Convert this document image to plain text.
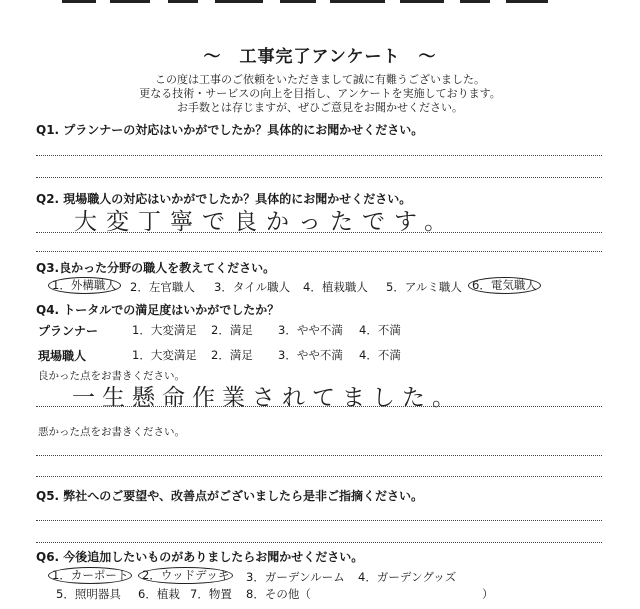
～　工事完了アンケート　～
この度は工事のご依頼をいただきまして誠に有難うございました。
更なる技術・サービスの向上を目指し、アンケートを実施しております。
お手数とは存じますが、ぜひご意見をお聞かせください。
Q1. プランナーの対応はいかがでしたか？具体的にお聞かせください。
Q2. 現場職人の対応はいかがでしたか？具体的にお聞かせください。
大変丁寧で良かったです。
Q3.良かった分野の職人を教えてください。
1．外構職人	2．左官職人 3．タイル職人 4．植栽職人 5．アルミ職人 6．電気職人
Q4. トータルでの満足度はいかがでしたか？
プランナー	1．大変満足 2．満足 3．やや不満 4．不満
現場職人	1．大変満足 2．満足 3．やや不満 4．不満
良かった点をお書きください。
一生懸命作業されてました。
悪かった点をお書きください。
Q5. 弊社へのご要望や、改善点がございましたら是非ご指摘ください。
Q6. 今後追加したいものがありましたらお聞かせください。
1．カーポート	2．ウッドデッキ	3．ガーデンルーム 4．ガーデングッズ
5．照明器具 6．植栽 7．物置 8．その他（	）
